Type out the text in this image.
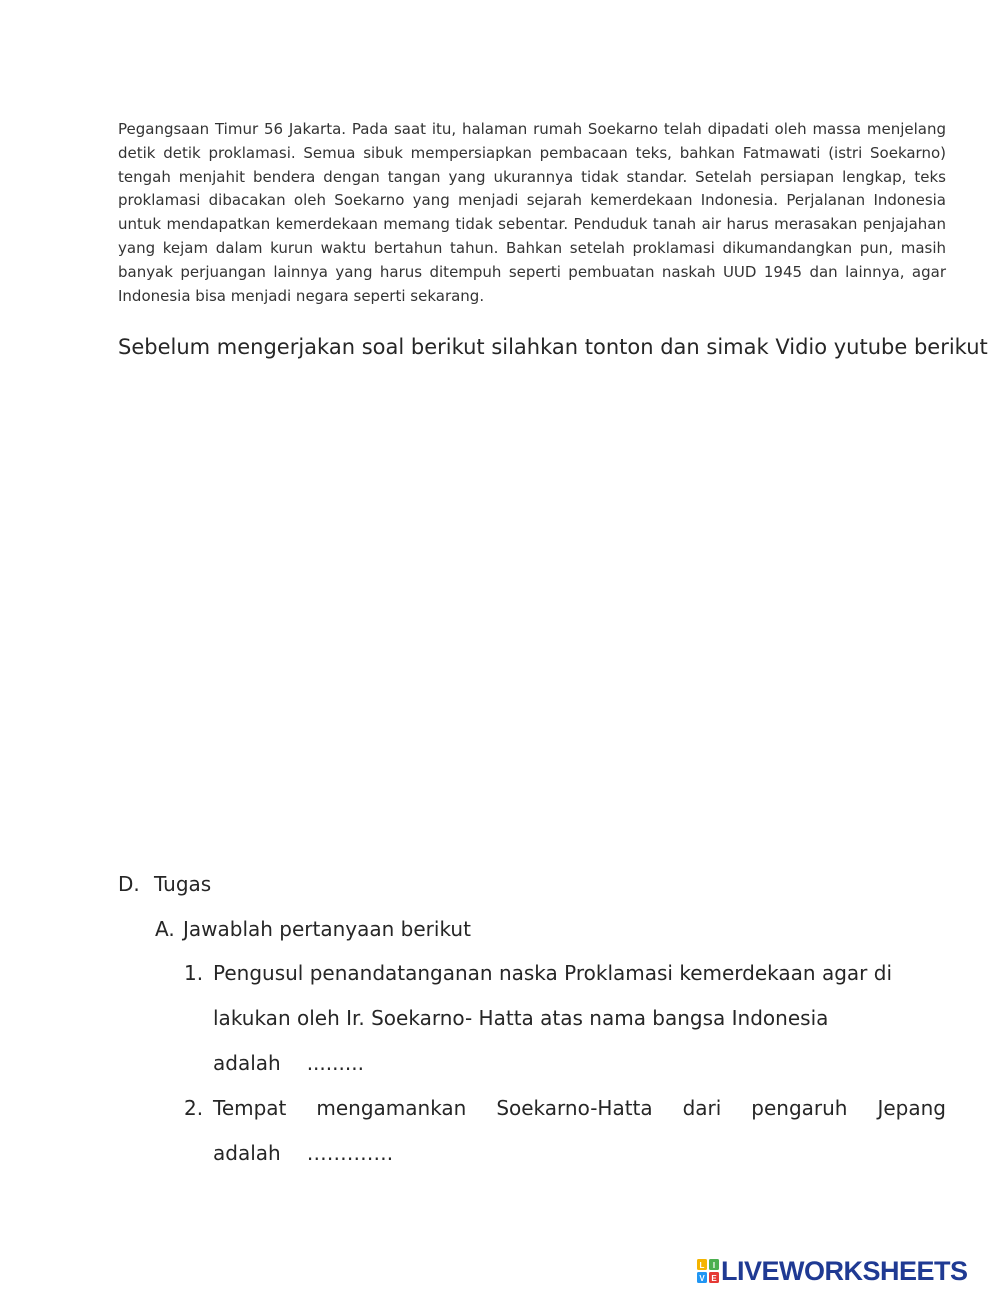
Pegangsaan Timur 56 Jakarta. Pada saat itu, halaman rumah Soekarno telah dipadati oleh massa menjelang detik detik proklamasi. Semua sibuk mempersiapkan pembacaan teks, bahkan Fatmawati (istri Soekarno) tengah menjahit bendera dengan tangan yang ukurannya tidak standar. Setelah persiapan lengkap, teks proklamasi dibacakan oleh Soekarno yang menjadi sejarah kemerdekaan Indonesia. Perjalanan Indonesia untuk mendapatkan kemerdekaan memang tidak sebentar. Penduduk tanah air harus merasakan penjajahan yang kejam dalam kurun waktu bertahun tahun. Bahkan setelah proklamasi dikumandangkan pun, masih banyak perjuangan lainnya yang harus ditempuh seperti pembuatan naskah UUD 1945 dan lainnya, agar Indonesia bisa menjadi negara seperti sekarang.

Sebelum mengerjakan soal berikut silahkan tonton dan simak Vidio yutube berikut
D. Tugas
A. Jawablah pertanyaan berikut
1. Pengusul penandatanganan naska Proklamasi kemerdekaan agar di
lakukan oleh Ir. Soekarno- Hatta atas nama bangsa Indonesia
adalah .........
2. Tempat mengamankan Soekarno-Hatta dari pengaruh Jepang
adalah ………….
L I
V E LIVEWORKSHEETS
